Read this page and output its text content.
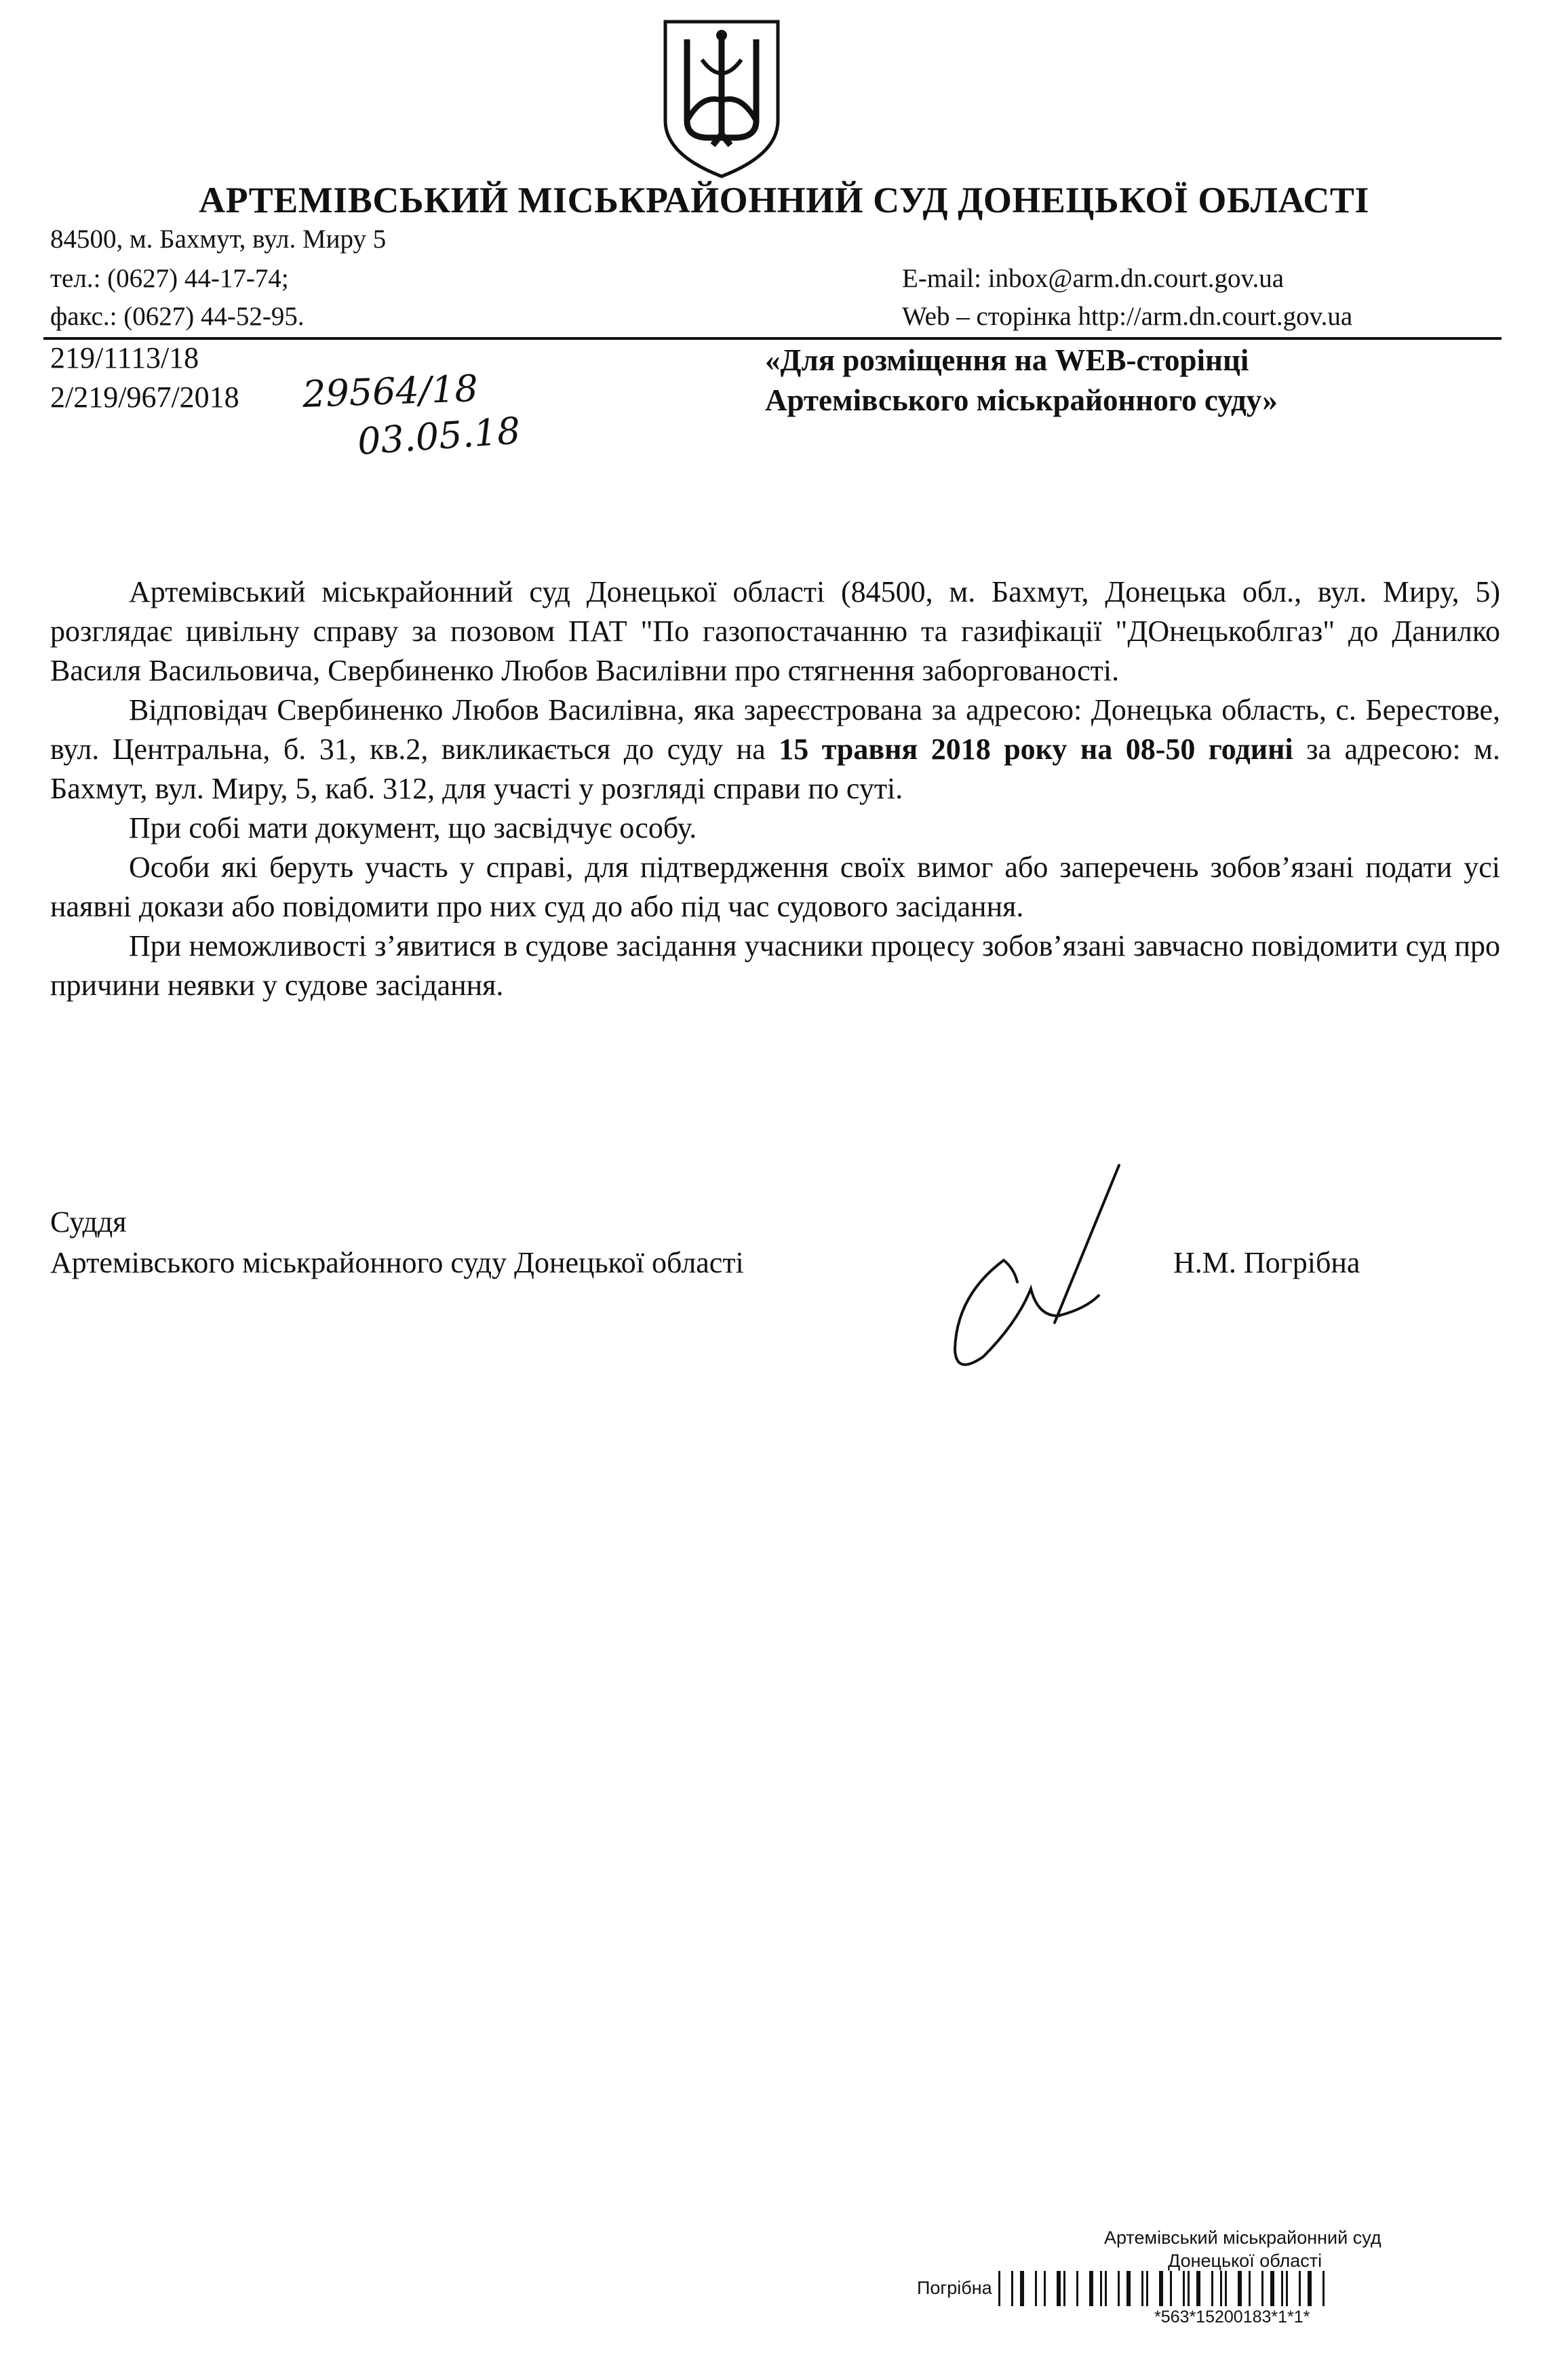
АРТЕМІВСЬКИЙ МІСЬКРАЙОННИЙ СУД ДОНЕЦЬКОЇ ОБЛАСТІ
84500, м. Бахмут, вул. Миру 5
тел.: (0627) 44-17-74;
факс.: (0627) 44-52-95.
E-mail: inbox@arm.dn.court.gov.ua
Web – сторінка http://arm.dn.court.gov.ua
219/1113/18
2/219/967/2018 29564/18
03.05.18
«Для розміщення на WEB-сторінці
Артемівського міськрайонного суду»

Артемівський міськрайонний суд Донецької області (84500, м. Бахмут, Донецька обл., вул. Миру, 5) розглядає цивільну справу за позовом ПАТ "По газопостачанню та газифікації "ДОнецькоблгаз" до Данилко Василя Васильовича, Свербиненко Любов Василівни про стягнення заборгованості.

Відповідач Свербиненко Любов Василівна, яка зареєстрована за адресою: Донецька область, с. Берестове, вул. Центральна, б. 31, кв.2, викликається до суду на 15 травня 2018 року на 08-50 годині за адресою: м. Бахмут, вул. Миру, 5, каб. 312, для участі у розгляді справи по суті.

При собі мати документ, що засвідчує особу.

Особи які беруть участь у справі, для підтвердження своїх вимог або заперечень зобов’язані подати усі наявні докази або повідомити про них суд до або під час судового засідання.

При неможливості з’явитися в судове засідання учасники процесу зобов’язані завчасно повідомити суд про причини неявки у судове засідання.

Суддя
Артемівського міськрайонного суду Донецької області	Н.М. Погрібна
Артемівський міськрайонний суд
Донецької області
Погрібна
*563*15200183*1*1*
